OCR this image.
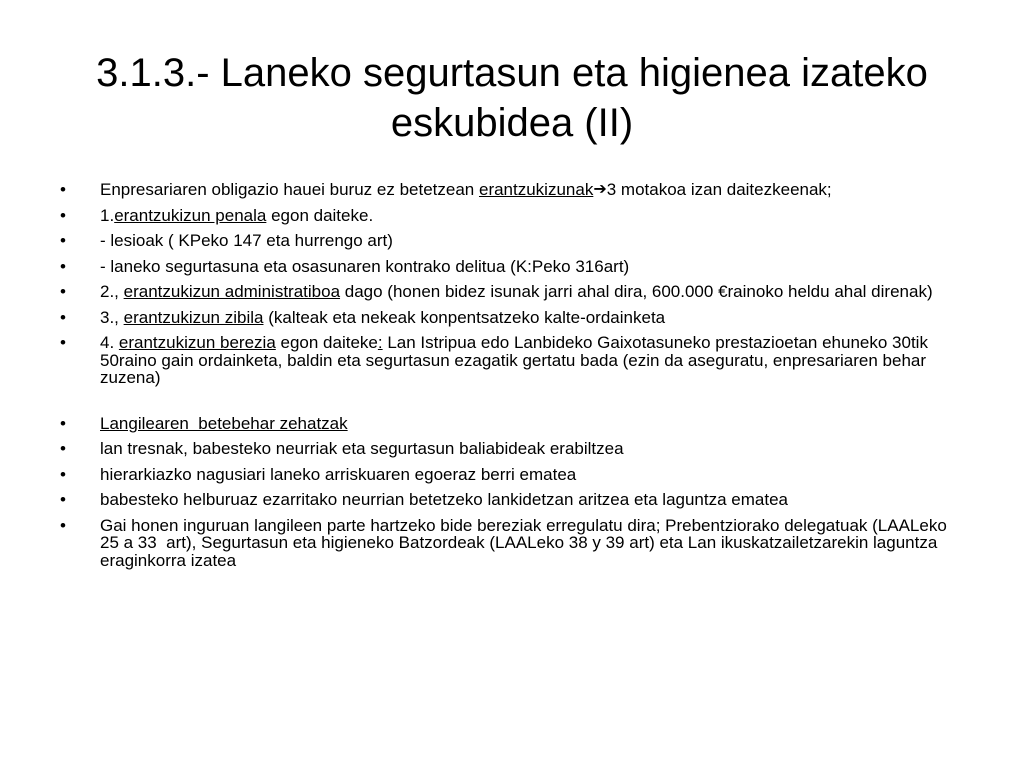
3.1.3.- Laneko segurtasun eta higienea izateko eskubidea (II)
•	Enpresariaren obligazio hauei buruz ez betetzean erantzukizunak➔3 motakoa izan daitezkeenak;
•	1.erantzukizun penala egon daiteke.
•	- lesioak ( KPeko 147 eta hurrengo art)
•	- laneko segurtasuna eta osasunaren kontrako delitua (K:Peko 316art)
•	2., erantzukizun administratiboa dago (honen bidez isunak jarri ahal dira, 600.000 €rainoko heldu ahal direnak)
•	3., erantzukizun zibila (kalteak eta nekeak konpentsatzeko kalte-ordainketa
•	4. erantzukizun berezia egon daiteke: Lan Istripua edo Lanbideko Gaixotasuneko prestazioetan ehuneko 30tik 50raino gain ordainketa, baldin eta segurtasun ezagatik gertatu bada (ezin da aseguratu, enpresariaren behar zuzena)
•	Langilearen  betebehar zehatzak
•	lan tresnak, babesteko neurriak eta segurtasun baliabideak erabiltzea
•	hierarkiazko nagusiari laneko arriskuaren egoeraz berri ematea
•	babesteko helburuaz ezarritako neurrian betetzeko lankidetzan aritzea eta laguntza ematea
•	Gai honen inguruan langileen parte hartzeko bide bereziak erregulatu dira; Prebentziorako delegatuak (LAALeko 25 a 33  art), Segurtasun eta higieneko Batzordeak (LAALeko 38 y 39 art) eta Lan ikuskatzailetzarekin laguntza eraginkorra izatea
